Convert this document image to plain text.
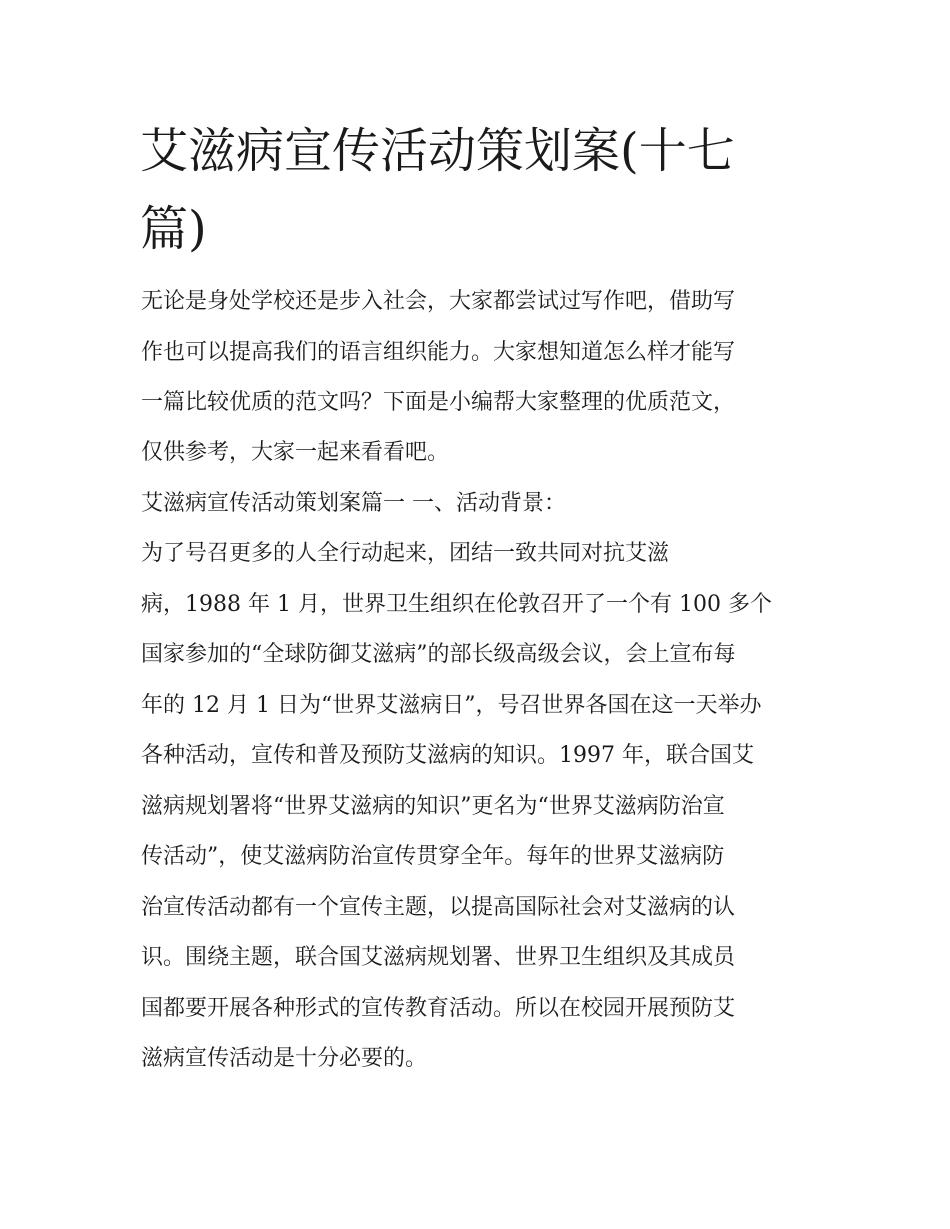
艾滋病宣传活动策划案(十七篇)

无论是身处学校还是步入社会，大家都尝试过写作吧，借助写

作也可以提高我们的语言组织能力。大家想知道怎么样才能写

一篇比较优质的范文吗？下面是小编帮大家整理的优质范文，

仅供参考，大家一起来看看吧。

艾滋病宣传活动策划案篇一 一、活动背景：

为了号召更多的人全行动起来，团结一致共同对抗艾滋

病，1988 年 1 月，世界卫生组织在伦敦召开了一个有 100 多个

国家参加的“全球防御艾滋病”的部长级高级会议，会上宣布每

年的 12 月 1 日为“世界艾滋病日”，号召世界各国在这一天举办

各种活动，宣传和普及预防艾滋病的知识。1997 年，联合国艾

滋病规划署将“世界艾滋病的知识”更名为“世界艾滋病防治宣

传活动”，使艾滋病防治宣传贯穿全年。每年的世界艾滋病防

治宣传活动都有一个宣传主题，以提高国际社会对艾滋病的认

识。围绕主题，联合国艾滋病规划署、世界卫生组织及其成员

国都要开展各种形式的宣传教育活动。所以在校园开展预防艾

滋病宣传活动是十分必要的。
